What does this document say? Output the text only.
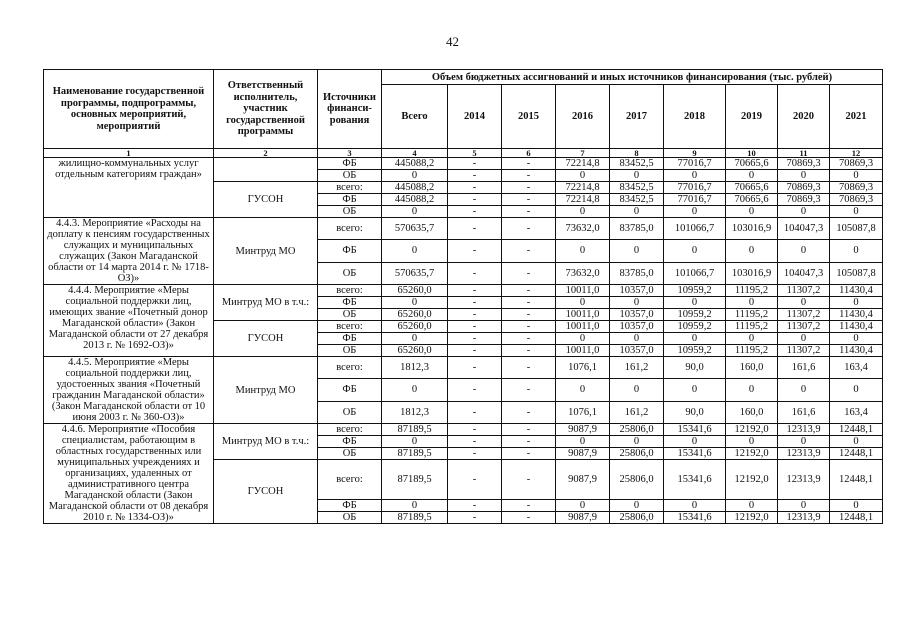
42
Наименование государственной программы, подпрограммы, основных мероприятий, мероприятий	Ответственный исполнитель, участник государственной программы	Источники финанси-рования	Объем бюджетных ассигнований и иных источников финансирования (тыс. рублей)								
			Всего	2014	2015	2016	2017	2018	2019	2020	2021
1	2	3	4	5	6	7	8	9	10	11	12
жилищно-коммунальных услуг отдельным категориям граждан»		ФБ	445088,2	-	-	72214,8	83452,5	77016,7	70665,6	70869,3	70869,3
		ОБ	0	-	-	0	0	0	0	0	0
	ГУСОН	всего:	445088,2	-	-	72214,8	83452,5	77016,7	70665,6	70869,3	70869,3
		ФБ	445088,2	-	-	72214,8	83452,5	77016,7	70665,6	70869,3	70869,3
		ОБ	0	-	-	0	0	0	0	0	0
4.4.3. Мероприятие «Расходы на доплату к пенсиям государственных служащих и муниципальных служащих (Закон Магаданской области от 14 марта 2014 г. № 1718-ОЗ)»	Минтруд МО	всего:	570635,7	-	-	73632,0	83785,0	101066,7	103016,9	104047,3	105087,8
		ФБ	0	-	-	0	0	0	0	0	0
		ОБ	570635,7	-	-	73632,0	83785,0	101066,7	103016,9	104047,3	105087,8
4.4.4. Мероприятие «Меры социальной поддержки лиц, имеющих звание «Почетный донор Магаданской области» (Закон Магаданской области от 27 декабря 2013 г. № 1692-ОЗ)»	Минтруд МО в т.ч.:	всего:	65260,0	-	-	10011,0	10357,0	10959,2	11195,2	11307,2	11430,4
		ФБ	0	-	-	0	0	0	0	0	0
		ОБ	65260,0	-	-	10011,0	10357,0	10959,2	11195,2	11307,2	11430,4
	ГУСОН	всего:	65260,0	-	-	10011,0	10357,0	10959,2	11195,2	11307,2	11430,4
		ФБ	0	-	-	0	0	0	0	0	0
		ОБ	65260,0	-	-	10011,0	10357,0	10959,2	11195,2	11307,2	11430,4
4.4.5. Мероприятие «Меры социальной поддержки лиц, удостоенных звания «Почетный гражданин Магаданской области» (Закон Магаданской области от 10 июня 2003 г. № 360-ОЗ)»	Минтруд МО	всего:	1812,3	-	-	1076,1	161,2	90,0	160,0	161,6	163,4
		ФБ	0	-	-	0	0	0	0	0	0
		ОБ	1812,3	-	-	1076,1	161,2	90,0	160,0	161,6	163,4
4.4.6. Мероприятие «Пособия специалистам, работающим в областных государственных или муниципальных учреждениях и организациях, удаленных от административного центра Магаданской области (Закон Магаданской области от 08 декабря 2010 г. № 1334-ОЗ)»	Минтруд МО в т.ч.:	всего:	87189,5	-	-	9087,9	25806,0	15341,6	12192,0	12313,9	12448,1
		ФБ	0	-	-	0	0	0	0	0	0
		ОБ	87189,5	-	-	9087,9	25806,0	15341,6	12192,0	12313,9	12448,1
	ГУСОН	всего:	87189,5	-	-	9087,9	25806,0	15341,6	12192,0	12313,9	12448,1
		ФБ	0	-	-	0	0	0	0	0	0
		ОБ	87189,5	-	-	9087,9	25806,0	15341,6	12192,0	12313,9	12448,1
